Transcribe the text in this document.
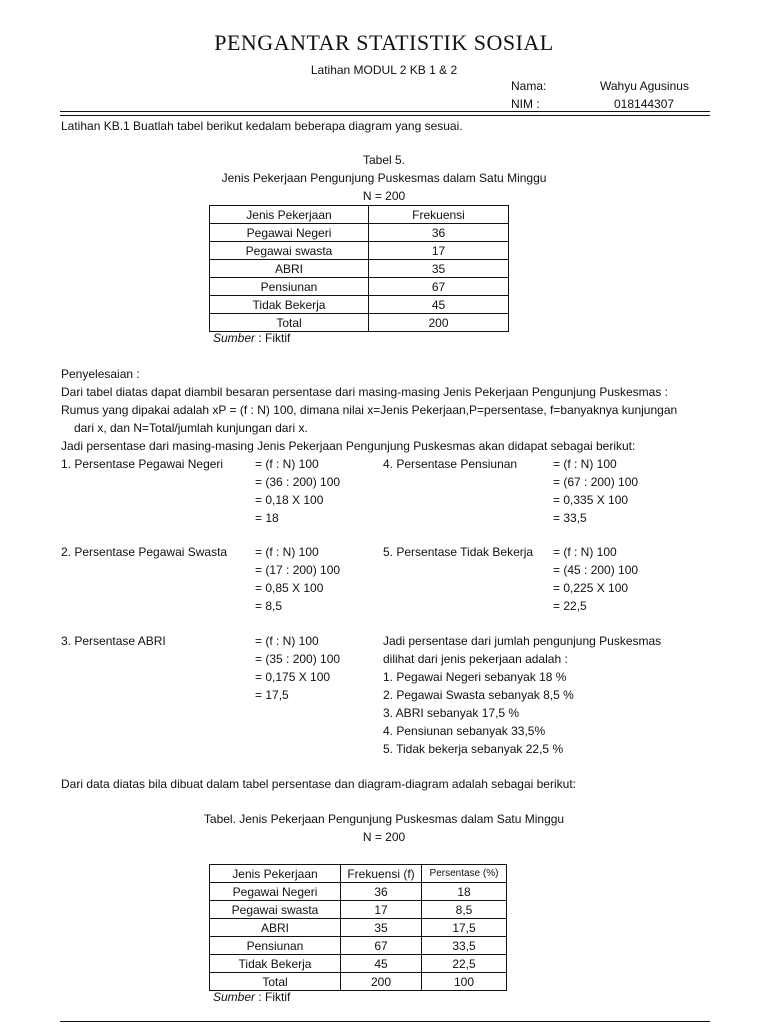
PENGANTAR STATISTIK SOSIAL
Latihan MODUL 2 KB 1 & 2
Nama:	Wahyu Agusinus
NIM :	018144307
Latihan KB.1 Buatlah tabel berikut kedalam beberapa diagram yang sesuai.
Tabel 5.
Jenis Pekerjaan Pengunjung Puskesmas dalam Satu Minggu
N = 200
Jenis Pekerjaan	Frekuensi
Pegawai Negeri	36
Pegawai swasta	17
ABRI	35
Pensiunan	67
Tidak Bekerja	45
Total	200
Sumber : Fiktif
Penyelesaian :
Dari tabel diatas dapat diambil besaran persentase dari masing-masing Jenis Pekerjaan Pengunjung Puskesmas :
Rumus yang dipakai adalah xP = (f : N) 100, dimana nilai x=Jenis Pekerjaan,P=persentase, f=banyaknya kunjungan
dari x, dan N=Total/jumlah kunjungan dari x.
Jadi persentase dari masing-masing Jenis Pekerjaan Pengunjung Puskesmas akan didapat sebagai berikut:
1. Persentase Pegawai Negeri	= (f : N) 100
= (36 : 200) 100
= 0,18 X 100
= 18
4. Persentase Pensiunan	= (f : N) 100
= (67 : 200) 100
= 0,335 X 100
= 33,5
2. Persentase Pegawai Swasta = (f : N) 100
= (17 : 200) 100
= 0,85 X 100
= 8,5
5. Persentase Tidak Bekerja = (f : N) 100
= (45 : 200) 100
= 0,225 X 100
= 22,5
3. Persentase ABRI	= (f : N) 100
= (35 : 200) 100
= 0,175 X 100
= 17,5
Jadi persentase dari jumlah pengunjung Puskesmas
dilihat dari jenis pekerjaan adalah :
1. Pegawai Negeri sebanyak 18 %
2. Pegawai Swasta sebanyak 8,5 %
3. ABRI sebanyak 17,5 %
4. Pensiunan sebanyak 33,5%
5. Tidak bekerja sebanyak 22,5 %
Dari data diatas bila dibuat dalam tabel persentase dan diagram-diagram adalah sebagai berikut:
Tabel. Jenis Pekerjaan Pengunjung Puskesmas dalam Satu Minggu
N = 200
Jenis Pekerjaan	Frekuensi (f)	Persentase (%)
Pegawai Negeri	36	18
Pegawai swasta	17	8,5
ABRI	35	17,5
Pensiunan	67	33,5
Tidak Bekerja	45	22,5
Total	200	100
Sumber : Fiktif
